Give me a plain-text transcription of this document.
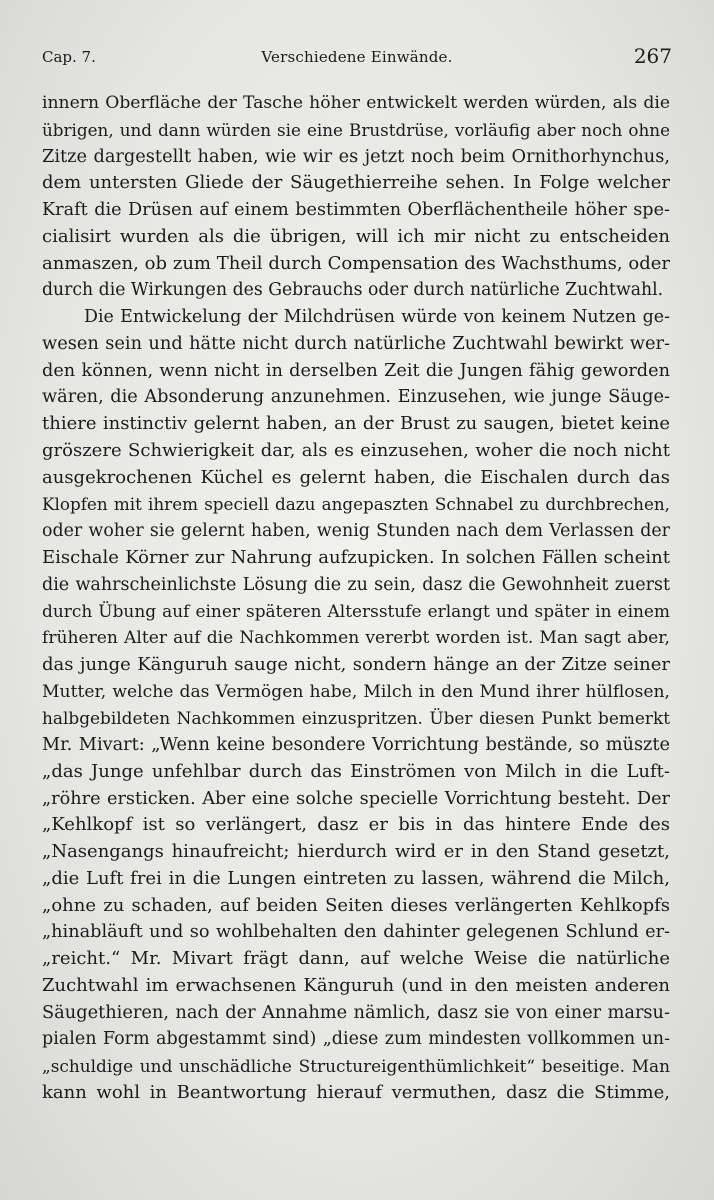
Cap. 7.	Verschiedene Einwände.	267
innern Oberfläche der Tasche höher entwickelt werden würden, als die
übrigen, und dann würden sie eine Brustdrüse, vorläufig aber noch ohne
Zitze dargestellt haben, wie wir es jetzt noch beim Ornithorhynchus,
dem untersten Gliede der Säugethierreihe sehen. In Folge welcher
Kraft die Drüsen auf einem bestimmten Oberflächentheile höher spe-
cialisirt wurden als die übrigen, will ich mir nicht zu entscheiden
anmaszen, ob zum Theil durch Compensation des Wachsthums, oder
durch die Wirkungen des Gebrauchs oder durch natürliche Zuchtwahl.
Die Entwickelung der Milchdrüsen würde von keinem Nutzen ge-
wesen sein und hätte nicht durch natürliche Zuchtwahl bewirkt wer-
den können, wenn nicht in derselben Zeit die Jungen fähig geworden
wären, die Absonderung anzunehmen. Einzusehen, wie junge Säuge-
thiere instinctiv gelernt haben, an der Brust zu saugen, bietet keine
grös​zere Schwierigkeit dar, als es einzusehen, woher die noch nicht
ausgekrochenen Küchel es gelernt haben, die Eischalen durch das
Klopfen mit ihrem speciell dazu angepaszten Schnabel zu durchbrechen,
oder woher sie gelernt haben, wenig Stunden nach dem Verlassen der
Eischale Körner zur Nahrung aufzupicken. In solchen Fällen scheint
die wahrscheinlichste Lösung die zu sein, dasz die Gewohnheit zuerst
durch Übung auf einer späteren Altersstufe erlangt und später in einem
früheren Alter auf die Nachkommen vererbt worden ist. Man sagt aber,
das junge Känguruh sauge nicht, sondern hänge an der Zitze seiner
Mutter, welche das Vermögen habe, Milch in den Mund ihrer hülflosen,
halbgebildeten Nachkommen einzuspritzen. Über diesen Punkt bemerkt
Mr. Mivart: „Wenn keine besondere Vorrichtung bestände, so müszte
„das Junge unfehlbar durch das Einströmen von Milch in die Luft-
„röhre ersticken. Aber eine solche specielle Vorrichtung besteht. Der
„Kehlkopf ist so verlängert, dasz er bis in das hintere Ende des
„Nasengangs hinaufreicht; hierdurch wird er in den Stand gesetzt,
„die Luft frei in die Lungen eintreten zu lassen, während die Milch,
„ohne zu schaden, auf beiden Seiten dieses verlängerten Kehlkopfs
„hinabläuft und so wohlbehalten den dahinter gelegenen Schlund er-
„reicht.“ Mr. Mivart frägt dann, auf welche Weise die natürliche
Zuchtwahl im erwachsenen Känguruh (und in den meisten anderen
Säugethieren, nach der Annahme nämlich, dasz sie von einer marsu-
pialen Form abgestammt sind) „diese zum mindesten vollkommen un-
„schuldige und unschädliche Structureigenthümlichkeit“ beseitige. Man
kann wohl in Beantwortung hierauf vermuthen, dasz die Stimme,
